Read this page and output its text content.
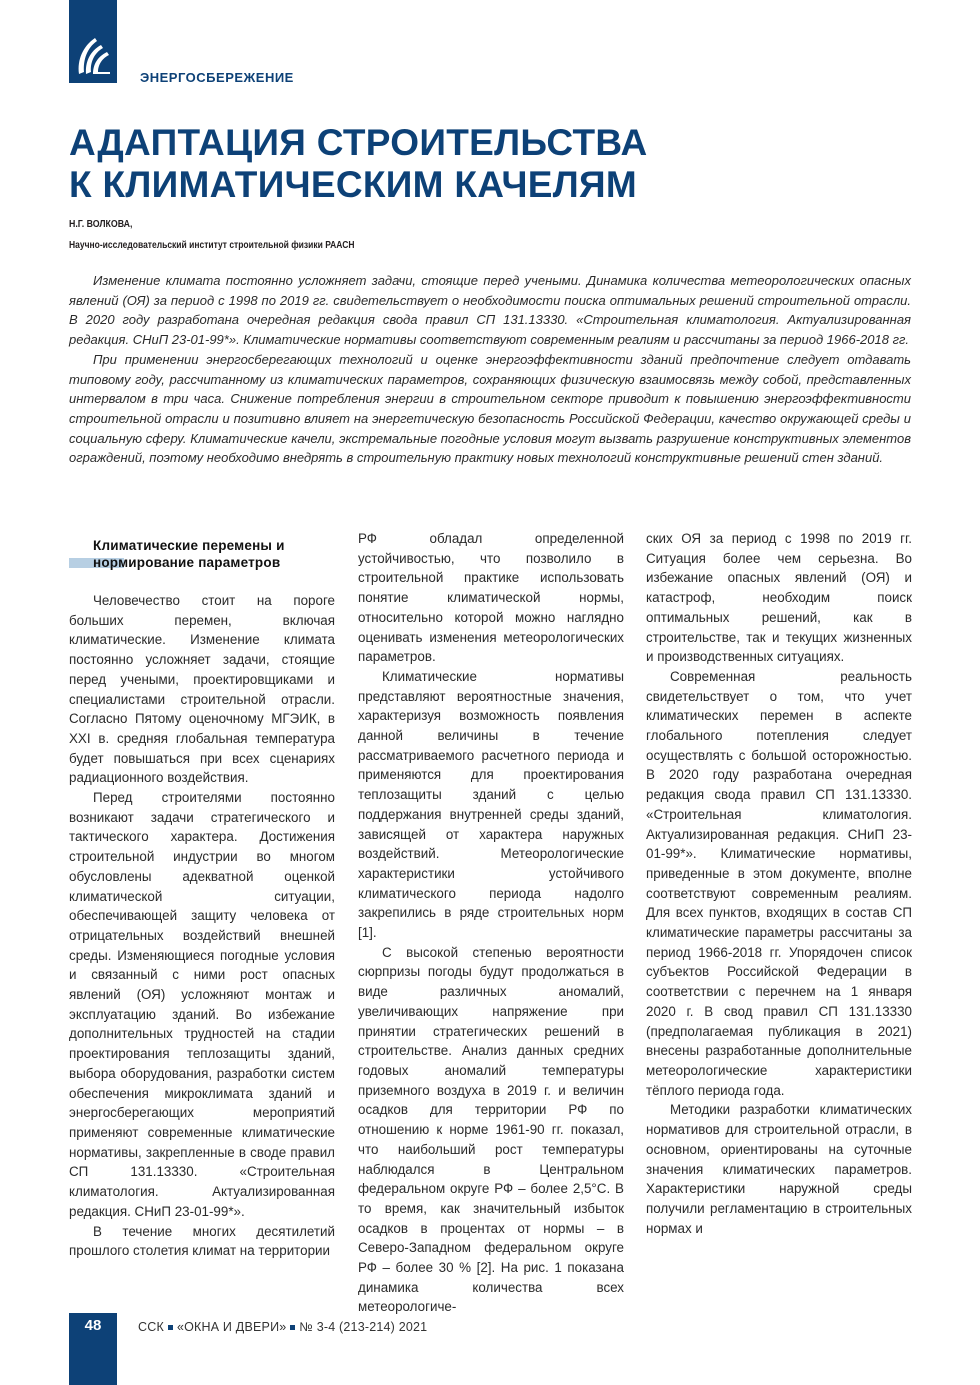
ЭНЕРГОСБЕРЕЖЕНИЕ
АДАПТАЦИЯ СТРОИТЕЛЬСТВА
К КЛИМАТИЧЕСКИМ КАЧЕЛЯМ
Н.Г. ВОЛКОВА,
Научно-исследовательский институт строительной физики РААСН

Изменение климата постоянно усложняет задачи, стоящие перед учеными. Динамика количества метеорологических опасных явлений (ОЯ) за период с 1998 по 2019 гг. свидетельствует о необходимости поиска оптимальных решений строительной отрасли. В 2020 году разработана очередная редакция свода правил СП 131.13330. «Строительная климатология. Актуализированная редакция. СНиП 23-01-99*». Климатические нормативы соответствуют современным реалиям и рассчитаны за период 1966-2018 гг.

При применении энергосберегающих технологий и оценке энергоэффективности зданий предпочтение следует отдавать типовому году, рассчитанному из климатических параметров, сохраняющих физическую взаимосвязь между собой, представленных интервалом в три часа. Снижение потребления энергии в строительном секторе приводит к повышению энергоэффективности строительной отрасли и позитивно влияет на энергетическую безопасность Российской Федерации, качество окружающей среды и социальную сферу. Климатические качели, экстремальные погодные условия могут вызвать разрушение конструктивных элементов ограждений, поэтому необходимо внедрять в строительную практику новых технологий конструктивные решений стен зданий.

Климатические перемены и нормирование параметров

Человечество стоит на пороге больших перемен, включая климатические. Изменение климата постоянно усложняет задачи, стоящие перед учеными, проектировщиками и специалистами строительной отрасли. Согласно Пятому оценочному МГЭИК, в XXI в. средняя глобальная температура будет повышаться при всех сценариях радиационного воздействия.

Перед строителями постоянно возникают задачи стратегического и тактического характера. Достижения строительной индустрии во многом обусловлены адекватной оценкой климатической ситуации, обеспечивающей защиту человека от отрицательных воздействий внешней среды. Изменяющиеся погодные условия и связанный с ними рост опасных явлений (ОЯ) усложняют монтаж и эксплуатацию зданий. Во избежание дополнительных трудностей на стадии проектирования теплозащиты зданий, выбора оборудования, разработки систем обеспечения микроклимата зданий и энергосберегающих мероприятий применяют современные климатические нормативы, закрепленные в своде правил СП 131.13330. «Строительная климатология. Актуализированная редакция. СНиП 23-01-99*».

В течение многих десятилетий прошлого столетия климат на территории

РФ обладал определенной устойчивостью, что позволило в строительной практике использовать понятие климатической нормы, относительно которой можно наглядно оценивать изменения метеорологических параметров.

Климатические нормативы представляют вероятностные значения, характеризуя возможность появления данной величины в течение рассматриваемого расчетного периода и применяются для проектирования теплозащиты зданий с целью поддержания внутренней среды зданий, зависящей от характера наружных воздействий. Метеорологические характеристики устойчивого климатического периода надолго закрепились в ряде строительных норм [1].

С высокой степенью вероятности сюрпризы погоды будут продолжаться в виде различных аномалий, увеличивающих напряжение при принятии стратегических решений в строительстве. Анализ данных средних годовых аномалий температуры приземного воздуха в 2019 г. и величин осадков для территории РФ по отношению к норме 1961-90 гг. показал, что наибольший рост температуры наблюдался в Центральном федеральном округе РФ – более 2,5°С. В то время, как значительный избыток осадков в процентах от нормы – в Северо-Западном федеральном округе РФ – более 30 % [2]. На рис. 1 показана динамика количества всех метеорологиче-

ских ОЯ за период с 1998 по 2019 гг. Ситуация более чем серьезна. Во избежание опасных явлений (ОЯ) и катастроф, необходим поиск оптимальных решений, как в строительстве, так и текущих жизненных и производственных ситуациях.

Современная реальность свидетельствует о том, что учет климатических перемен в аспекте глобального потепления следует осуществлять с большой осторожностью. В 2020 году разработана очередная редакция свода правил СП 131.13330. «Строительная климатология. Актуализированная редакция. СНиП 23-01-99*». Климатические нормативы, приведенные в этом документе, вполне соответствуют современным реалиям. Для всех пунктов, входящих в состав СП климатические параметры рассчитаны за период 1966-2018 гг. Упорядочен список субъектов Российской Федерации в соответствии с перечнем на 1 января 2020 г. В свод правил СП 131.13330 (предполагаемая публикация в 2021) внесены разработанные дополнительные метеорологические характеристики тёплого периода года.

Методики разработки климатических нормативов для строительной отрасли, в основном, ориентированы на суточные значения климатических параметров. Характеристики наружной среды получили регламентацию в строительных нормах и

48	ССК «ОКНА И ДВЕРИ» № 3-4 (213-214) 2021
